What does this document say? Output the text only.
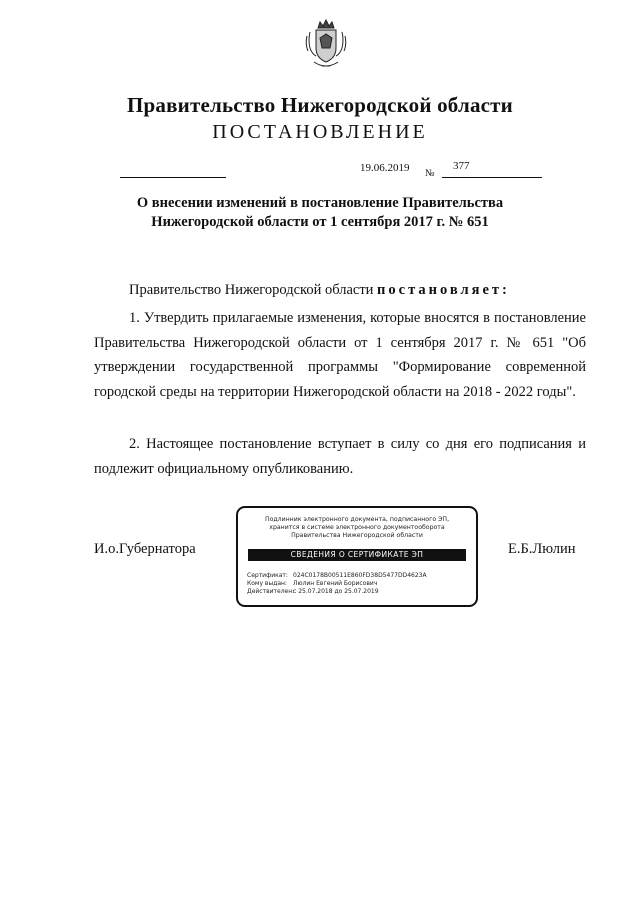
Правительство Нижегородской области
ПОСТАНОВЛЕНИЕ
19.06.2019 №
377
О внесении изменений в постановление Правительства
Нижегородской области от 1 сентября 2017 г. № 651
Правительство Нижегородской области постановляет:

1. Утвердить прилагаемые изменения, которые вносятся в постановление Правительства Нижегородской области от 1 сентября 2017 г. № 651 "Об утверждении государственной программы "Формирование современной городской среды на территории Нижегородской области на 2018 - 2022 годы".

2. Настоящее постановление вступает в силу со дня его подписания и подлежит официальному опубликованию.

И.о.Губернатора	Е.Б.Люлин
Подлинник электронного документа, подписанного ЭП,
хранится в системе электронного документооборота
Правительства Нижегородской области
СВЕДЕНИЯ О СЕРТИФИКАТЕ ЭП
Сертификат: 024C0178B00511E860FD38D5477DD4623A
Кому выдан: Люлин Евгений Борисович
Действителен:с 25.07.2018 до 25.07.2019
